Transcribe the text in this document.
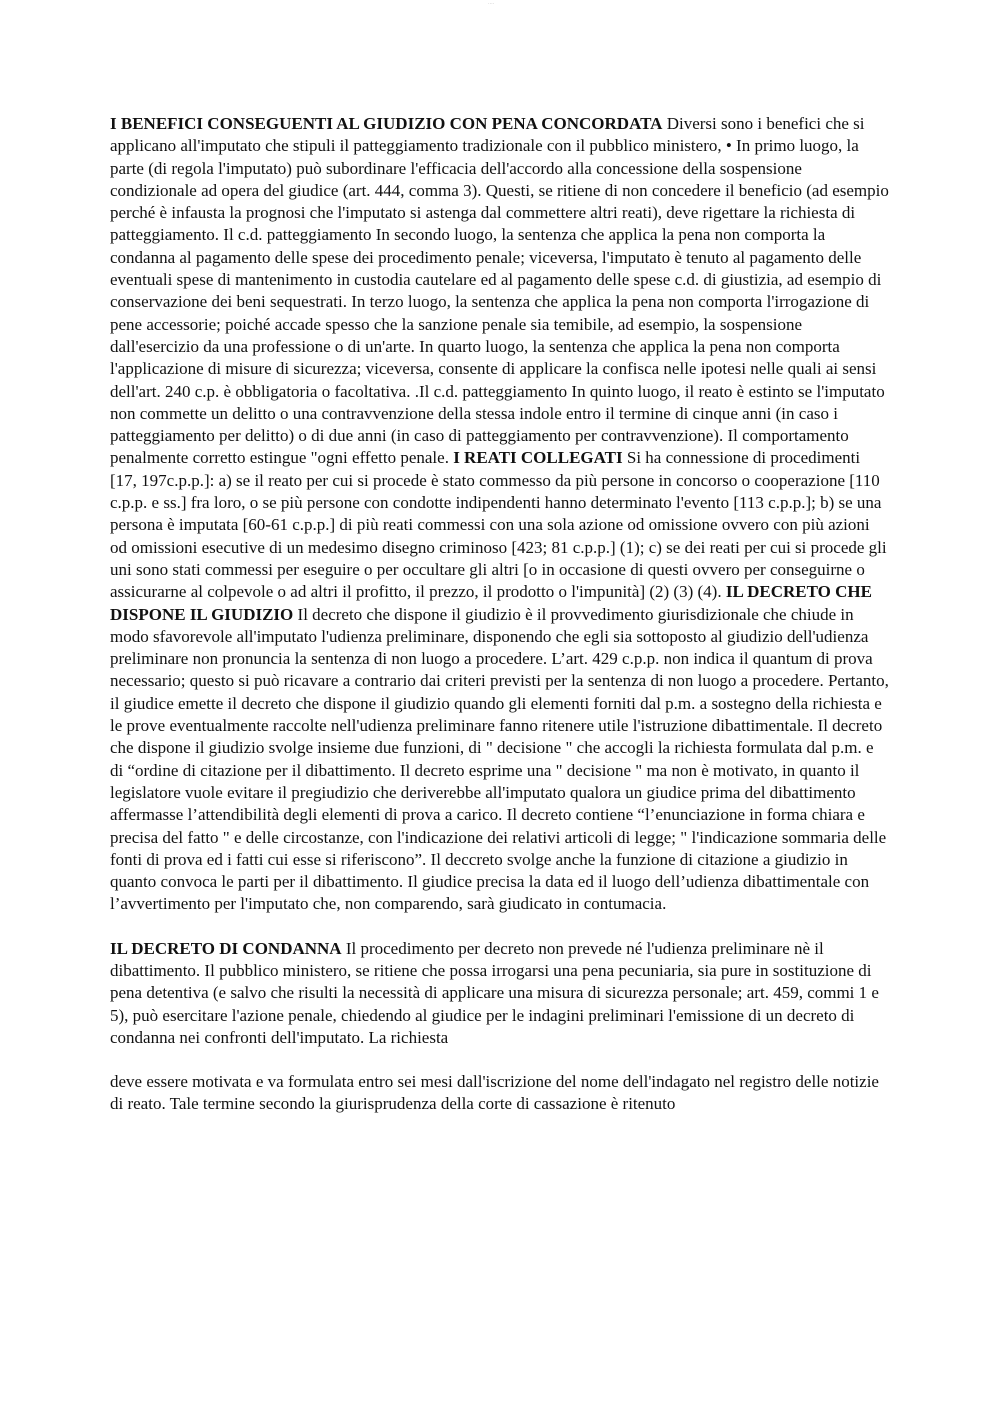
....

I BENEFICI CONSEGUENTI AL GIUDIZIO CON PENA CONCORDATA Diversi sono i benefici che si applicano all'imputato che stipuli il patteggiamento tradizionale con il pubblico ministero, • In primo luogo, la parte (di regola l'imputato) può subordinare l'efficacia dell'accordo alla concessione della sospensione condizionale ad opera del giudice (art. 444, comma 3). Questi, se ritiene di non concedere il beneficio (ad esempio perché è infausta la prognosi che l'imputato si astenga dal commettere altri reati), deve rigettare la richiesta di patteggiamento. Il c.d. patteggiamento In secondo luogo, la sentenza che applica la pena non comporta la condanna al pagamento delle spese dei procedimento penale; viceversa, l'imputato è tenuto al pagamento delle eventuali spese di mantenimento in custodia cautelare ed al pagamento delle spese c.d. di giustizia, ad esempio di conservazione dei beni sequestrati. In terzo luogo, la sentenza che applica la pena non comporta l'irrogazione di pene accessorie; poiché accade spesso che la sanzione penale sia temibile, ad esempio, la sospensione dall'esercizio da una professione o di un'arte. In quarto luogo, la sentenza che applica la pena non comporta l'applicazione di misure di sicurezza; viceversa, consente di applicare la confisca nelle ipotesi nelle quali ai sensi dell'art. 240 c.p. è obbligatoria o facoltativa. .Il c.d. patteggiamento In quinto luogo, il reato è estinto se l'imputato non commette un delitto o una contravvenzione della stessa indole entro il termine di cinque anni (in caso i patteggiamento per delitto) o di due anni (in caso di patteggiamento per contravvenzione). Il comportamento penalmente corretto estingue "ogni effetto penale. I REATI COLLEGATI Si ha connessione di procedimenti [17, 197c.p.p.]: a) se il reato per cui si procede è stato commesso da più persone in concorso o cooperazione [110 c.p.p. e ss.] fra loro, o se più persone con condotte indipendenti hanno determinato l'evento [113 c.p.p.]; b) se una persona è imputata [60-61 c.p.p.] di più reati commessi con una sola azione od omissione ovvero con più azioni od omissioni esecutive di un medesimo disegno criminoso [423; 81 c.p.p.] (1); c) se dei reati per cui si procede gli uni sono stati commessi per eseguire o per occultare gli altri [o in occasione di questi ovvero per conseguirne o assicurarne al colpevole o ad altri il profitto, il prezzo, il prodotto o l'impunità] (2) (3) (4). IL DECRETO CHE DISPONE IL GIUDIZIO Il decreto che dispone il giudizio è il provvedimento giurisdizionale che chiude in modo sfavorevole all'imputato l'udienza preliminare, disponendo che egli sia sottoposto al giudizio dell'udienza preliminare non pronuncia la sentenza di non luogo a procedere. L’art. 429 c.p.p. non indica il quantum di prova necessario; questo si può ricavare a contrario dai criteri previsti per la sentenza di non luogo a procedere. Pertanto, il giudice emette il decreto che dispone il giudizio quando gli elementi forniti dal p.m. a sostegno della richiesta e le prove eventualmente raccolte nell'udienza preliminare fanno ritenere utile l'istruzione dibattimentale. Il decreto che dispone il giudizio svolge insieme due funzioni, di " decisione " che accogli la richiesta formulata dal p.m. e di “ordine di citazione per il dibattimento. Il decreto esprime una " decisione " ma non è motivato, in quanto il legislatore vuole evitare il pregiudizio che deriverebbe all'imputato qualora un giudice prima del dibattimento affermasse l’attendibilità degli elementi di prova a carico. Il decreto contiene “l’enunciazione in forma chiara e precisa del fatto " e delle circostanze, con l'indicazione dei relativi articoli di legge; " l'indicazione sommaria delle fonti di prova ed i fatti cui esse si riferiscono”. Il deccreto svolge anche la funzione di citazione a giudizio in quanto convoca le parti per il dibattimento. Il giudice precisa la data ed il luogo dell’udienza dibattimentale con l’avvertimento per l'imputato che, non comparendo, sarà giudicato in contumacia.

IL DECRETO DI CONDANNA Il procedimento per decreto non prevede né l'udienza preliminare nè il dibattimento. Il pubblico ministero, se ritiene che possa irrogarsi una pena pecuniaria, sia pure in sostituzione di pena detentiva (e salvo che risulti la necessità di applicare una misura di sicurezza personale; art. 459, commi 1 e 5), può esercitare l'azione penale, chiedendo al giudice per le indagini preliminari l'emissione di un decreto di condanna nei confronti dell'imputato. La richiesta

deve essere motivata e va formulata entro sei mesi dall'iscrizione del nome dell'indagato nel registro delle notizie di reato. Tale termine secondo la giurisprudenza della corte di cassazione è ritenuto
